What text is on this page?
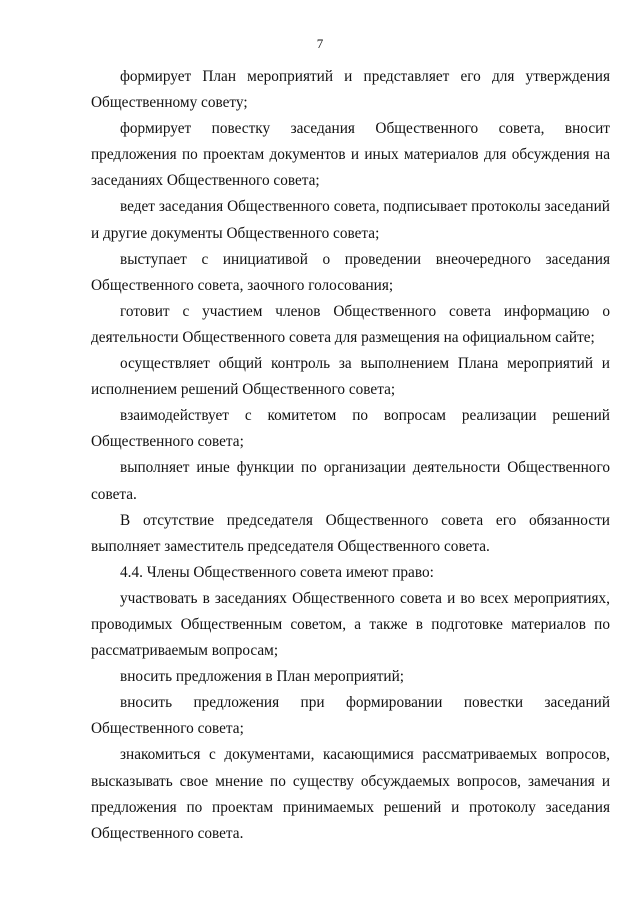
7

формирует План мероприятий и представляет его для утверждения Общественному совету;

формирует повестку заседания Общественного совета, вносит предложения по проектам документов и иных материалов для обсуждения на заседаниях Общественного совета;

ведет заседания Общественного совета, подписывает протоколы заседаний и другие документы Общественного совета;

выступает с инициативой о проведении внеочередного заседания Общественного совета, заочного голосования;

готовит с участием членов Общественного совета информацию о деятельности Общественного совета для размещения на официальном сайте;

осуществляет общий контроль за выполнением Плана мероприятий и исполнением решений Общественного совета;

взаимодействует с комитетом по вопросам реализации решений Общественного совета;

выполняет иные функции по организации деятельности Общественного совета.

В отсутствие председателя Общественного совета его обязанности выполняет заместитель председателя Общественного совета.

4.4. Члены Общественного совета имеют право:

участвовать в заседаниях Общественного совета и во всех мероприятиях, проводимых Общественным советом, а также в подготовке материалов по рассматриваемым вопросам;

вносить предложения в План мероприятий;

вносить предложения при формировании повестки заседаний Общественного совета;

знакомиться с документами, касающимися рассматриваемых вопросов, высказывать свое мнение по существу обсуждаемых вопросов, замечания и предложения по проектам принимаемых решений и протоколу заседания Общественного совета.
